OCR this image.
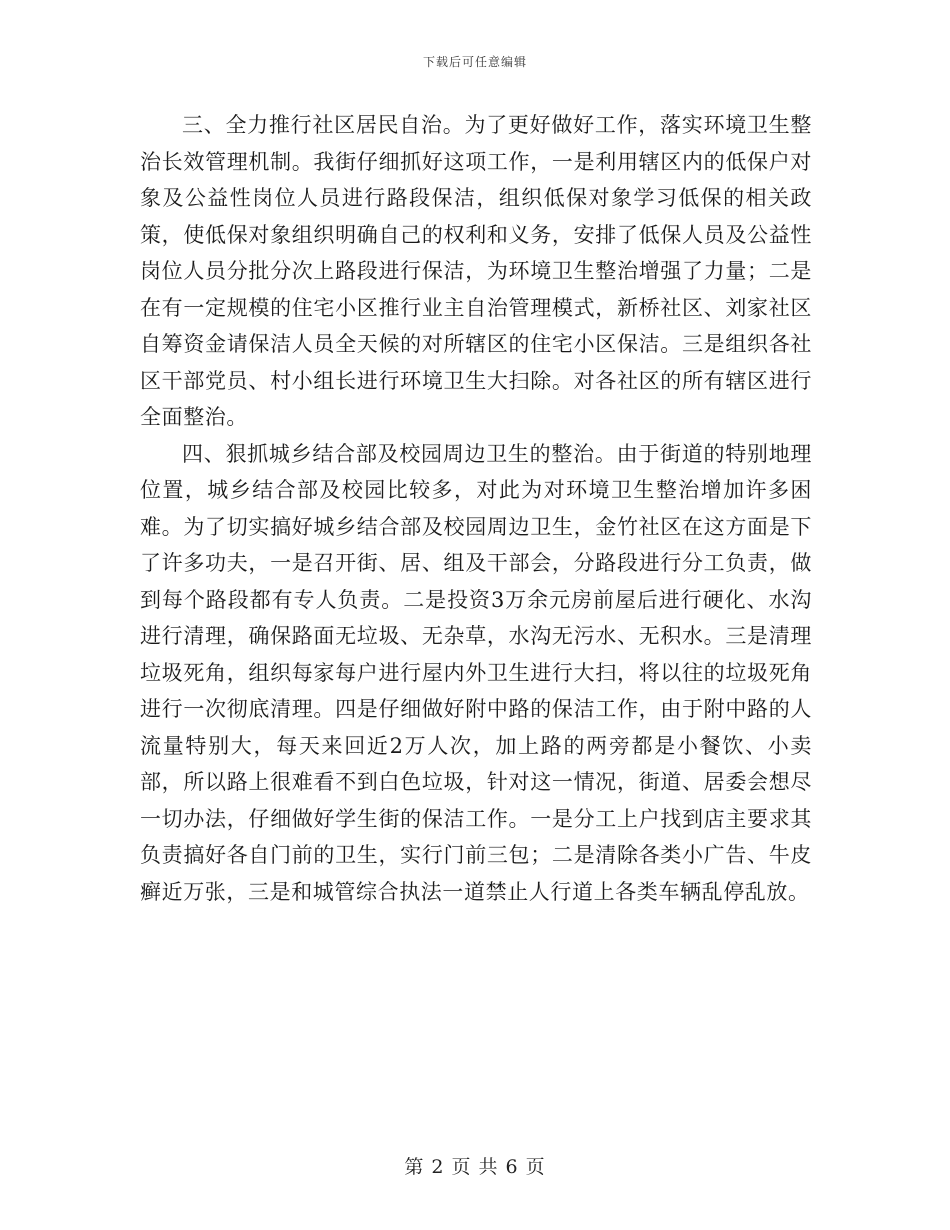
下载后可任意编辑

三、全力推行社区居民自治。为了更好做好工作，落实环境卫生整治长效管理机制。我街仔细抓好这项工作，一是利用辖区内的低保户对象及公益性岗位人员进行路段保洁，组织低保对象学习低保的相关政策，使低保对象组织明确自己的权利和义务，安排了低保人员及公益性岗位人员分批分次上路段进行保洁，为环境卫生整治增强了力量；二是在有一定规模的住宅小区推行业主自治管理模式，新桥社区、刘家社区自筹资金请保洁人员全天候的对所辖区的住宅小区保洁。三是组织各社区干部党员、村小组长进行环境卫生大扫除。对各社区的所有辖区进行全面整治。

四、狠抓城乡结合部及校园周边卫生的整治。由于街道的特别地理位置，城乡结合部及校园比较多，对此为对环境卫生整治增加许多困难。为了切实搞好城乡结合部及校园周边卫生，金竹社区在这方面是下了许多功夫，一是召开街、居、组及干部会，分路段进行分工负责，做到每个路段都有专人负责。二是投资3万余元房前屋后进行硬化、水沟进行清理，确保路面无垃圾、无杂草，水沟无污水、无积水。三是清理垃圾死角，组织每家每户进行屋内外卫生进行大扫，将以往的垃圾死角进行一次彻底清理。四是仔细做好附中路的保洁工作，由于附中路的人流量特别大，每天来回近2万人次，加上路的两旁都是小餐饮、小卖部，所以路上很难看不到白色垃圾，针对这一情况，街道、居委会想尽一切办法，仔细做好学生街的保洁工作。一是分工上户找到店主要求其负责搞好各自门前的卫生，实行门前三包；二是清除各类小广告、牛皮癣近万张，三是和城管综合执法一道禁止人行道上各类车辆乱停乱放。

第 2 页 共 6 页
